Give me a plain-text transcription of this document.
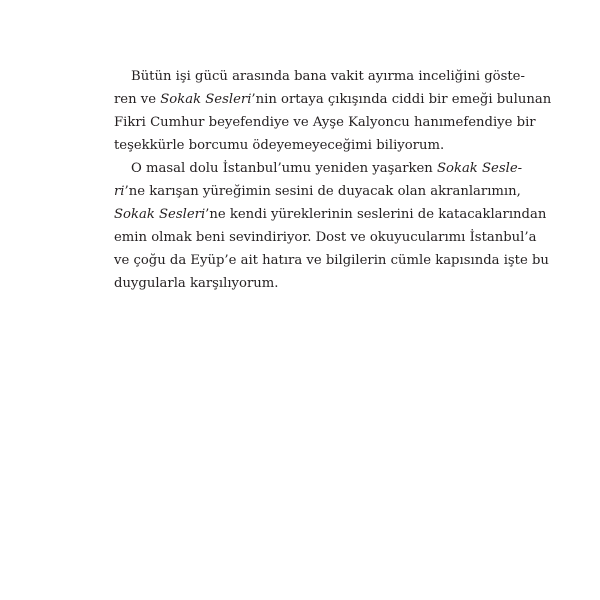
Bütün işi gücü arasında bana vakit ayırma inceliğini göste-
ren ve Sokak Sesleri’nin ortaya çıkışında ciddi bir emeği bulunan
Fikri Cumhur beyefendiye ve Ayşe Kalyoncu hanımefendiye bir
teşekkürle borcumu ödeyemeyeceğimi biliyorum.
O masal dolu İstanbul’umu yeniden yaşarken Sokak Sesle-
ri’ne karışan yüreğimin sesini de duyacak olan akranlarımın,
Sokak Sesleri’ne kendi yüreklerinin seslerini de katacaklarından
emin olmak beni sevindiriyor. Dost ve okuyucularımı İstanbul’a
ve çoğu da Eyüp’e ait hatıra ve bilgilerin cümle kapısında işte bu
duygularla karşılıyorum.
